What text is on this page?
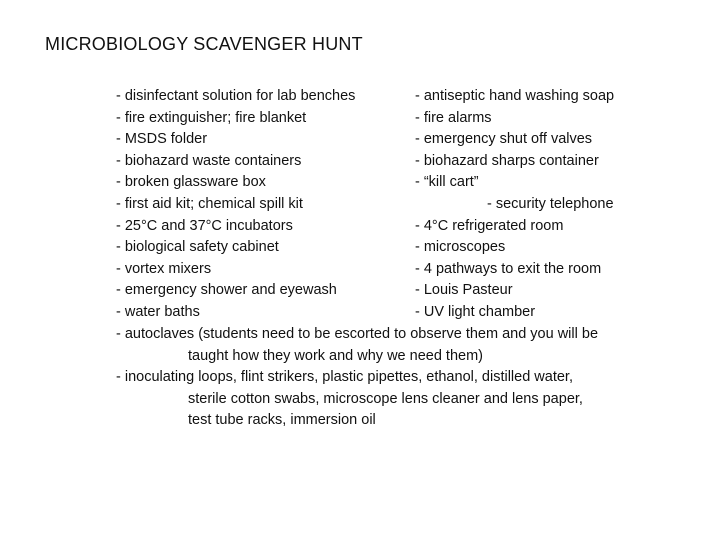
MICROBIOLOGY SCAVENGER HUNT
- disinfectant solution for lab benches
- fire extinguisher; fire blanket
- MSDS folder
- biohazard waste containers
- broken glassware box
- first aid kit; chemical spill kit
- 25°C and 37°C incubators
- biological safety cabinet
- vortex mixers
- emergency shower and eyewash
- water baths
- antiseptic hand washing soap
- fire alarms
- emergency shut off valves
- biohazard sharps container
- “kill cart”
- security telephone
- 4°C refrigerated room
- microscopes
- 4 pathways to exit the room
- Louis Pasteur
- UV light chamber
- autoclaves (students need to be escorted to observe them and you will be
taught how they work and why we need them)
- inoculating loops, flint strikers, plastic pipettes, ethanol, distilled water,
sterile cotton swabs, microscope lens cleaner and lens paper,
test tube racks, immersion oil
